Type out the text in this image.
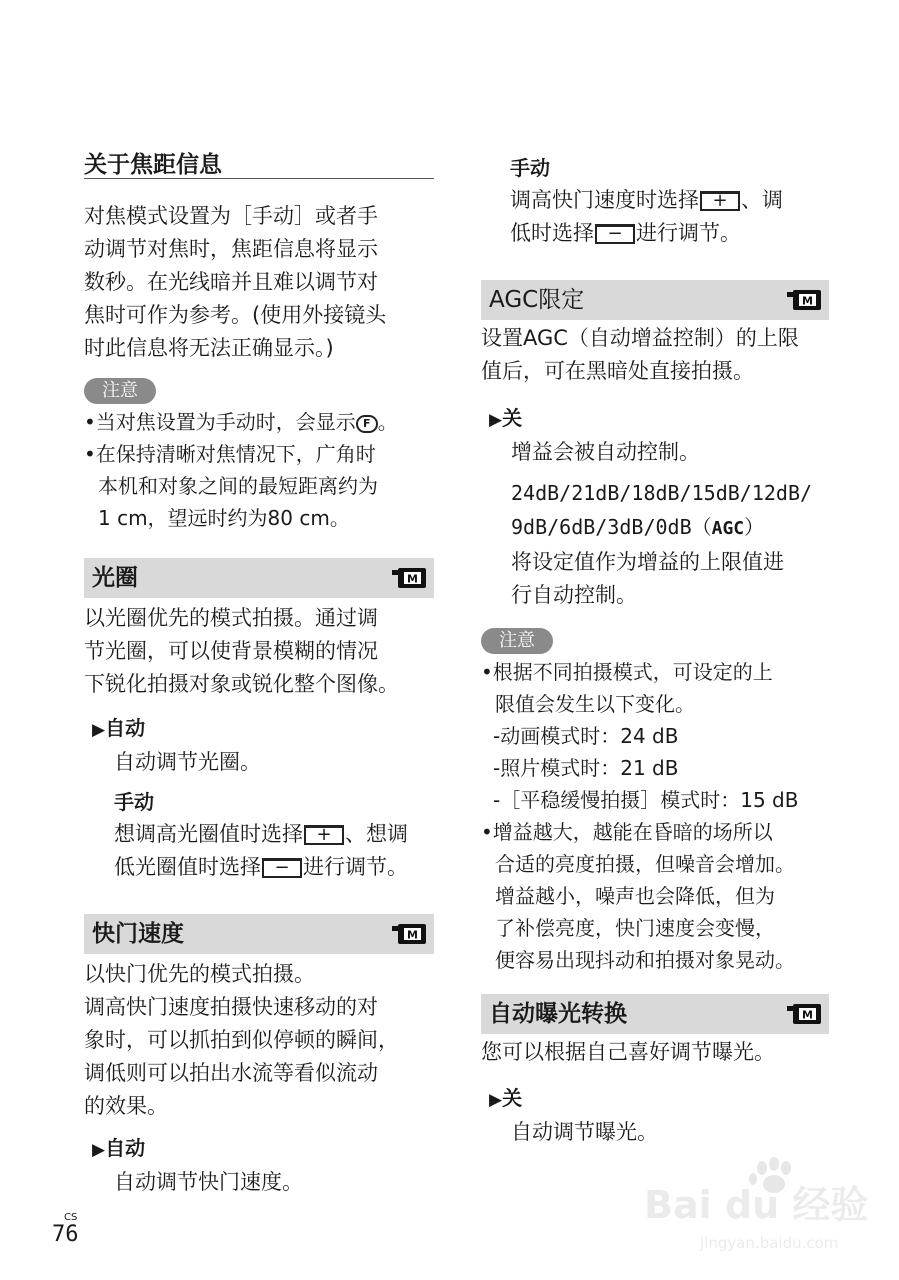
关于焦距信息
对焦模式设置为［手动］或者手
动调节对焦时，焦距信息将显示
数秒。在光线暗并且难以调节对
焦时可作为参考。(使用外接镜头
时此信息将无法正确显示。)
注意
•当对焦设置为手动时，会显示 F 。
•在保持清晰对焦情况下，广角时
本机和对象之间的最短距离约为
1 cm，望远时约为80 cm。
光圈	M
以光圈优先的模式拍摄。通过调
节光圈，可以使背景模糊的情况
下锐化拍摄对象或锐化整个图像。
▶自动
自动调节光圈。
手动
想调高光圈值时选择 + 、想调
低光圈值时选择 − 进行调节。
快门速度	M
以快门优先的模式拍摄。
调高快门速度拍摄快速移动的对
象时，可以抓拍到似停顿的瞬间，
调低则可以拍出水流等看似流动
的效果。
▶自动
自动调节快门速度。
CS
76
手动
调高快门速度时选择 + 、调
低时选择 − 进行调节。
AGC限定	M
设置AGC（自动增益控制）的上限
值后，可在黑暗处直接拍摄。
▶关
增益会被自动控制。
24dB/21dB/18dB/15dB/12dB/
9dB/6dB/3dB/0dB（AGC）
将设定值作为增益的上限值进
行自动控制。
注意
•根据不同拍摄模式，可设定的上
限值会发生以下变化。
-动画模式时：24 dB
-照片模式时：21 dB
-［平稳缓慢拍摄］模式时：15 dB
•增益越大，越能在昏暗的场所以
合适的亮度拍摄，但噪音会增加。
增益越小，噪声也会降低，但为
了补偿亮度，快门速度会变慢，
便容易出现抖动和拍摄对象晃动。
自动曝光转换	M
您可以根据自己喜好调节曝光。
▶关
自动调节曝光。
Bai du 经验
jingyan.baidu.com
